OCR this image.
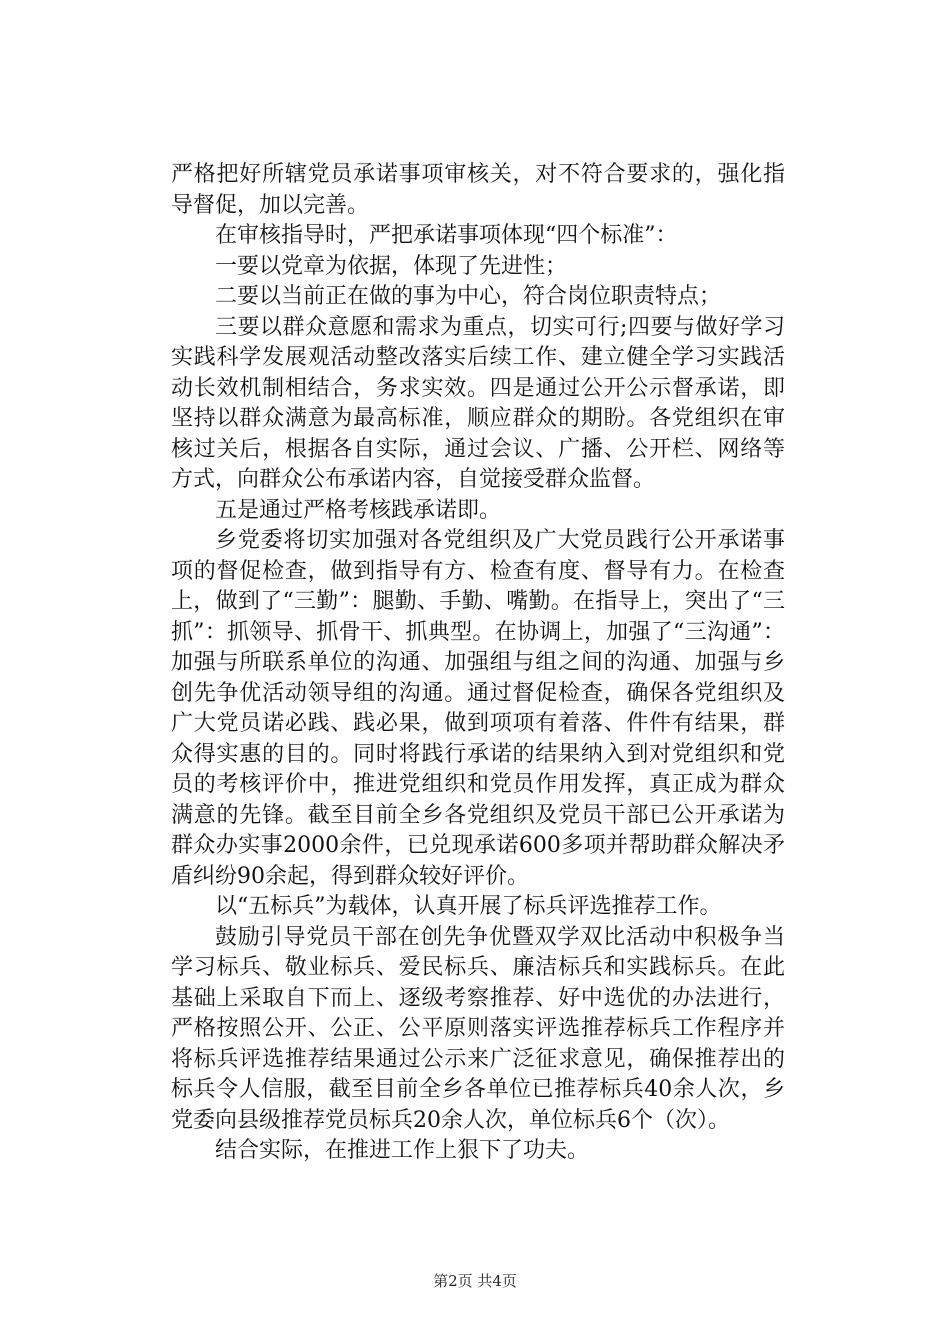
严格把好所辖党员承诺事项审核关，对不符合要求的，强化指导督促，加以完善。

在审核指导时，严把承诺事项体现“四个标准”：

一要以党章为依据，体现了先进性；

二要以当前正在做的事为中心，符合岗位职责特点；

三要以群众意愿和需求为重点，切实可行;四要与做好学习实践科学发展观活动整改落实后续工作、建立健全学习实践活动长效机制相结合，务求实效。四是通过公开公示督承诺，即坚持以群众满意为最高标准，顺应群众的期盼。各党组织在审核过关后，根据各自实际，通过会议、广播、公开栏、网络等方式，向群众公布承诺内容，自觉接受群众监督。

五是通过严格考核践承诺即。

乡党委将切实加强对各党组织及广大党员践行公开承诺事项的督促检查，做到指导有方、检查有度、督导有力。在检查上，做到了“三勤”：腿勤、手勤、嘴勤。在指导上，突出了“三抓”：抓领导、抓骨干、抓典型。在协调上，加强了“三沟通”：加强与所联系单位的沟通、加强组与组之间的沟通、加强与乡创先争优活动领导组的沟通。通过督促检查，确保各党组织及广大党员诺必践、践必果，做到项项有着落、件件有结果，群众得实惠的目的。同时将践行承诺的结果纳入到对党组织和党员的考核评价中，推进党组织和党员作用发挥，真正成为群众满意的先锋。截至目前全乡各党组织及党员干部已公开承诺为群众办实事2000余件，已兑现承诺600多项并帮助群众解决矛盾纠纷90余起，得到群众较好评价。

以“五标兵”为载体，认真开展了标兵评选推荐工作。

鼓励引导党员干部在创先争优暨双学双比活动中积极争当学习标兵、敬业标兵、爱民标兵、廉洁标兵和实践标兵。在此基础上采取自下而上、逐级考察推荐、好中选优的办法进行，严格按照公开、公正、公平原则落实评选推荐标兵工作程序并将标兵评选推荐结果通过公示来广泛征求意见，确保推荐出的标兵令人信服，截至目前全乡各单位已推荐标兵40余人次，乡党委向县级推荐党员标兵20余人次，单位标兵6个（次）。

结合实际，在推进工作上狠下了功夫。

第2页 共4页
